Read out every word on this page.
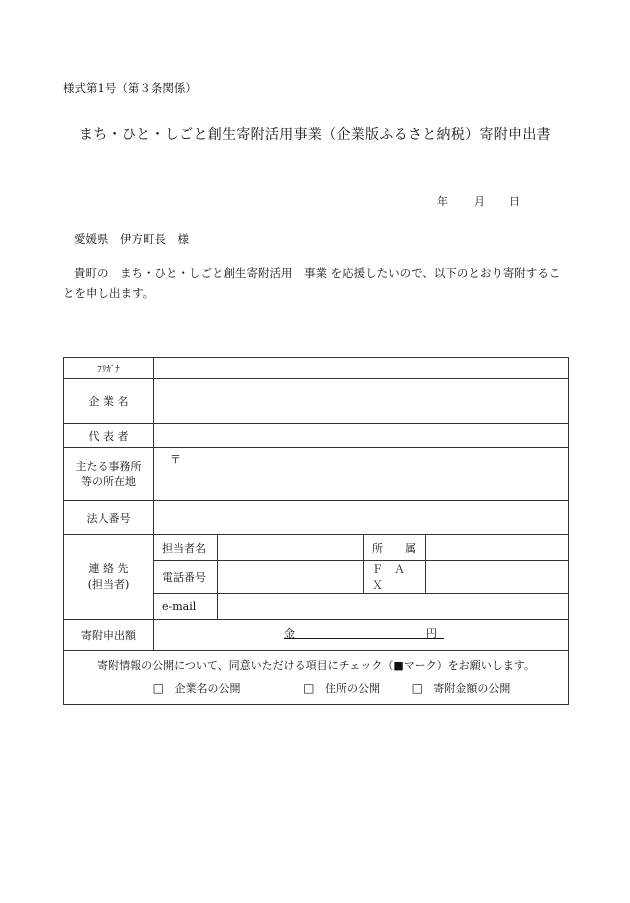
様式第1号（第３条関係）
まち・ひと・しごと創生寄附活用事業（企業版ふるさと納税）寄附申出書
年 月 日
愛媛県　伊方町長　様
貴町の　まち・ひと・しごと創生寄附活用　事業 を応援したいので、以下のとおり寄附することを申し出ます。
ﾌﾘｶﾞﾅ				
企 業 名				
代 表 者				
主たる事務所
等の所在地	〒			
法人番号				
連 絡 先
(担当者)	担当者名		所　　属	
	電話番号		Ｆ　Ａ　Ｘ	
	e-mail			
寄附申出額	金 円			

寄附情報の公開について、同意いただける項目にチェック（■マーク）をお願いします。
□ 企業名の公開 □ 住所の公開 □ 寄附金額の公開				
